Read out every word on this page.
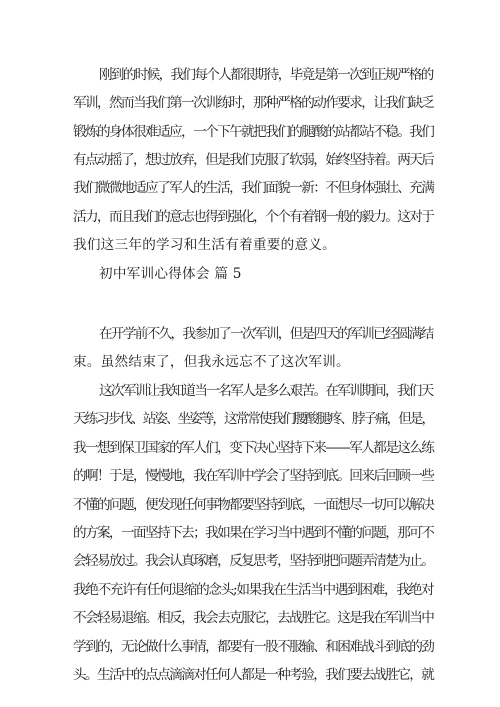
刚到的时候，我们每个人都很期待，毕竟是第一次到正规严格的
军训，然而当我们第一次训练时，那种严格的动作要求，让我们缺乏
锻炼的身体很难适应，一个下午就把我们的腿酸的站都站不稳。我们
有点动摇了，想过放弃，但是我们克服了软弱，始终坚持着。两天后
我们微微地适应了军人的生活，我们面貌一新：不但身体强壮、充满
活力，而且我们的意志也得到强化，个个有着钢一般的毅力。这对于
我们这三年的学习和生活有着重要的意义。
初中军训心得体会 篇 5
在开学前不久，我参加了一次军训，但是四天的军训已经圆满结
束。虽然结束了，但我永远忘不了这次军训。
这次军训让我知道当一名军人是多么艰苦。在军训期间，我们天
天练习步伐、站姿、坐姿等，这常常使我们腰酸腿疼、脖子痛，但是，
我一想到保卫国家的军人们，变下决心坚持下来——军人都是这么练
的啊！于是，慢慢地，我在军训中学会了坚持到底。回来后回顾一些
不懂的问题，便发现任何事物都要坚持到底，一面想尽一切可以解决
的方案，一面坚持下去；我如果在学习当中遇到不懂的问题，那可不
会轻易放过。我会认真琢磨，反复思考，坚持到把问题弄清楚为止。
我绝不充许有任何退缩的念头;如果我在生活当中遇到困难，我绝对
不会轻易退缩。相反，我会去克服它，去战胜它。这是我在军训当中
学到的，无论做什么事情，都要有一股不服输、和困难战斗到底的劲
头。生活中的点点滴滴对任何人都是一种考验，我们要去战胜它，就
